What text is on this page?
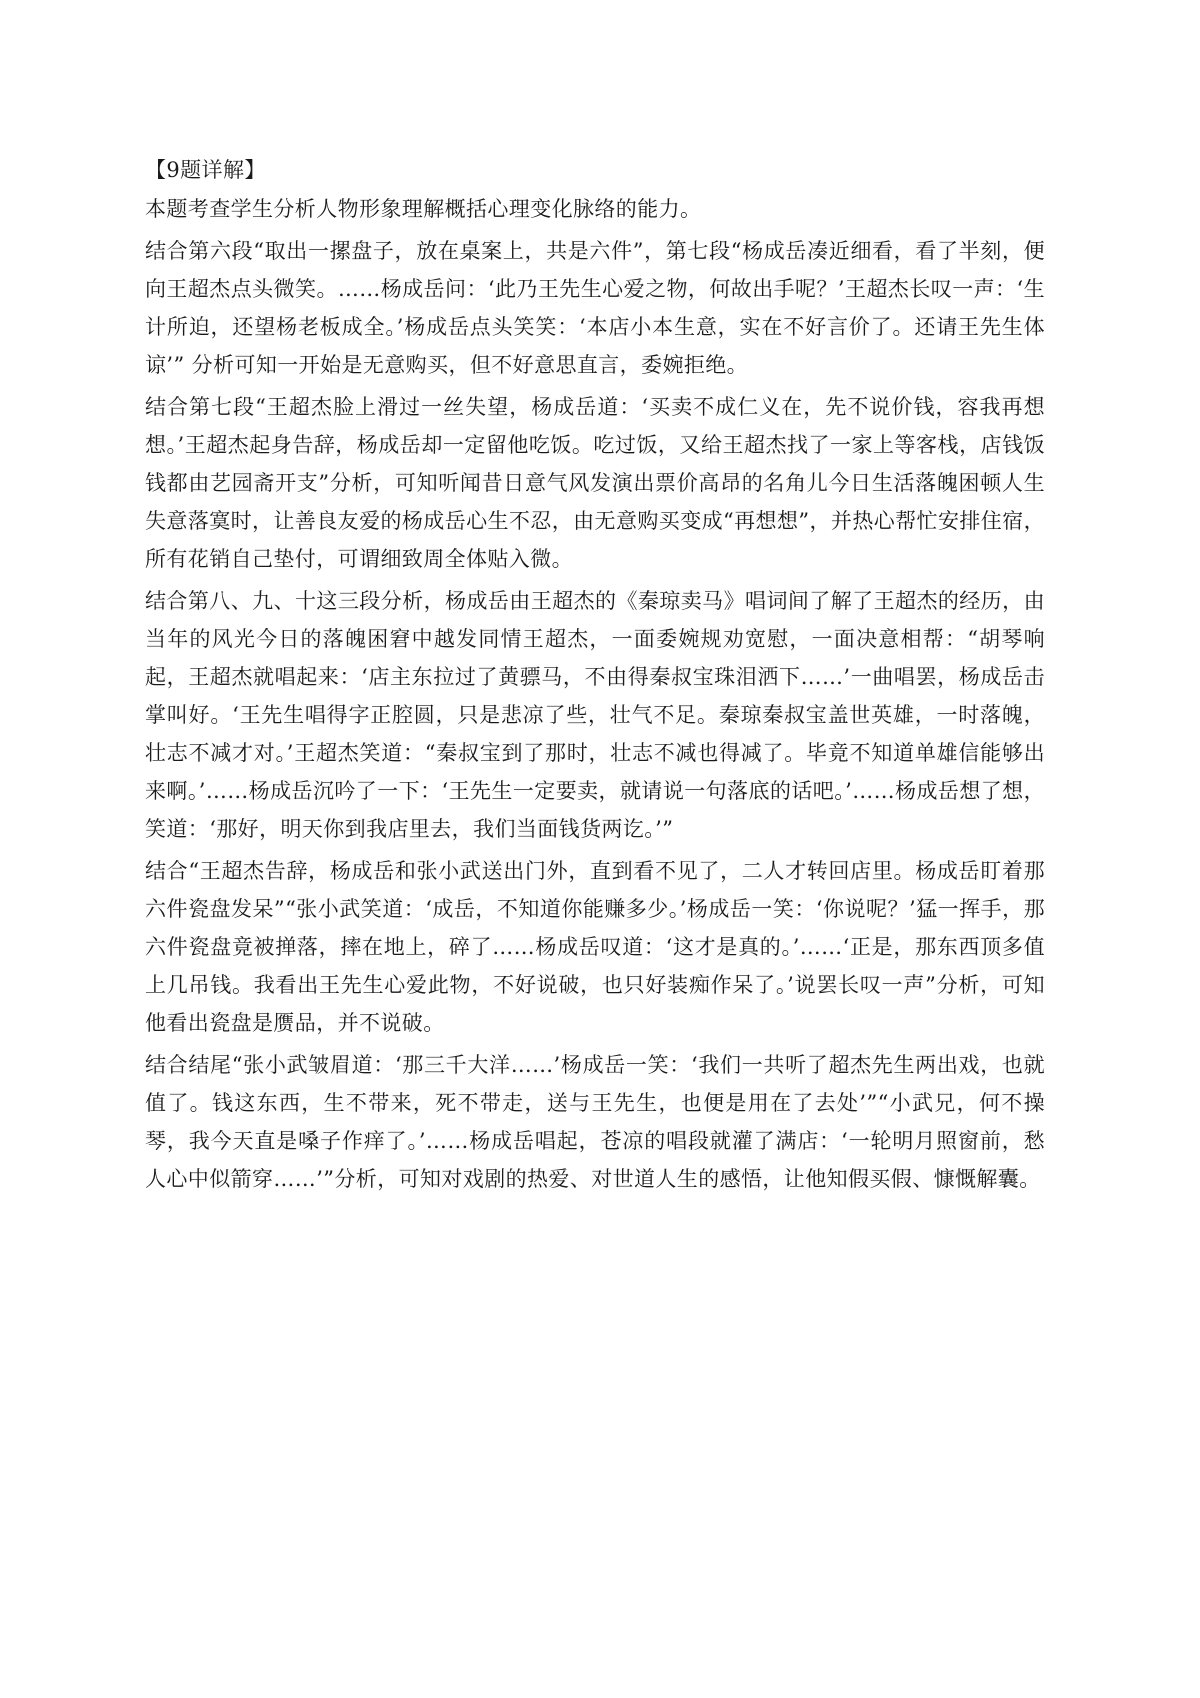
【9题详解】

本题考查学生分析人物形象理解概括心理变化脉络的能力。

结合第六段“取出一摞盘子，放在桌案上，共是六件”，第七段“杨成岳凑近细看，看了半刻，便向王超杰点头微笑。……杨成岳问：‘此乃王先生心爱之物，何故出手呢？’王超杰长叹一声：‘生计所迫，还望杨老板成全。’杨成岳点头笑笑：‘本店小本生意，实在不好言价了。还请王先生体谅’” 分析可知一开始是无意购买，但不好意思直言，委婉拒绝。

结合第七段“王超杰脸上滑过一丝失望，杨成岳道：‘买卖不成仁义在，先不说价钱，容我再想想。’王超杰起身告辞，杨成岳却一定留他吃饭。吃过饭，又给王超杰找了一家上等客栈，店钱饭钱都由艺园斋开支”分析，可知听闻昔日意气风发演出票价高昂的名角儿今日生活落魄困顿人生失意落寞时，让善良友爱的杨成岳心生不忍，由无意购买变成“再想想”，并热心帮忙安排住宿，所有花销自己垫付，可谓细致周全体贴入微。

结合第八、九、十这三段分析，杨成岳由王超杰的《秦琼卖马》唱词间了解了王超杰的经历，由当年的风光今日的落魄困窘中越发同情王超杰，一面委婉规劝宽慰，一面决意相帮：“胡琴响起，王超杰就唱起来：‘店主东拉过了黄骠马，不由得秦叔宝珠泪洒下……’一曲唱罢，杨成岳击掌叫好。‘王先生唱得字正腔圆，只是悲凉了些，壮气不足。秦琼秦叔宝盖世英雄，一时落魄，壮志不减才对。’王超杰笑道：“秦叔宝到了那时，壮志不减也得减了。毕竟不知道单雄信能够出来啊。’……杨成岳沉吟了一下：‘王先生一定要卖，就请说一句落底的话吧。’……杨成岳想了想，笑道：‘那好，明天你到我店里去，我们当面钱货两讫。’”

结合“王超杰告辞，杨成岳和张小武送出门外，直到看不见了，二人才转回店里。杨成岳盯着那六件瓷盘发呆”“张小武笑道：‘成岳，不知道你能赚多少。’杨成岳一笑：‘你说呢？’猛一挥手，那六件瓷盘竟被掸落，摔在地上，碎了……杨成岳叹道：‘这才是真的。’……‘正是，那东西顶多值上几吊钱。我看出王先生心爱此物，不好说破，也只好装痴作呆了。’说罢长叹一声”分析，可知他看出瓷盘是赝品，并不说破。

结合结尾“张小武皱眉道：‘那三千大洋……’杨成岳一笑：‘我们一共听了超杰先生两出戏，也就值了。钱这东西，生不带来，死不带走，送与王先生，也便是用在了去处’”“小武兄，何不操琴，我今天直是嗓子作痒了。’……杨成岳唱起，苍凉的唱段就灌了满店：‘一轮明月照窗前，愁人心中似箭穿……’”分析，可知对戏剧的热爱、对世道人生的感悟，让他知假买假、慷慨解囊。
